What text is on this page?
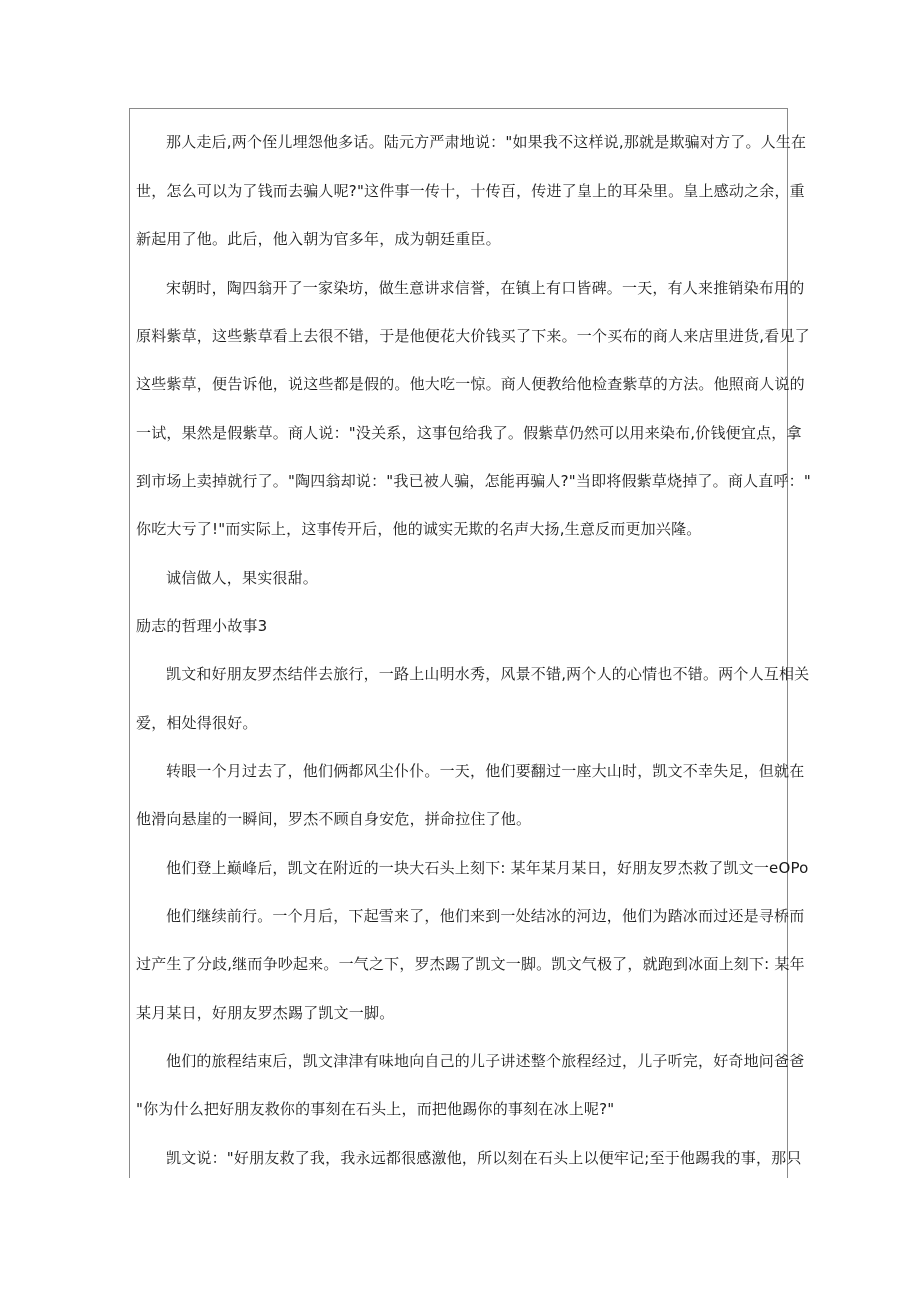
那人走后,两个侄儿埋怨他多话。陆元方严肃地说："如果我不这样说,那就是欺骗对方了。人生在
世，怎么可以为了钱而去骗人呢?"这件事一传十，十传百，传进了皇上的耳朵里。皇上感动之余，重
新起用了他。此后，他入朝为官多年，成为朝廷重臣。
宋朝时，陶四翁开了一家染坊，做生意讲求信誉，在镇上有口皆碑。一天，有人来推销染布用的
原料紫草，这些紫草看上去很不错，于是他便花大价钱买了下来。一个买布的商人来店里进货,看见了
这些紫草，便告诉他，说这些都是假的。他大吃一惊。商人便教给他检查紫草的方法。他照商人说的
一试，果然是假紫草。商人说："没关系，这事包给我了。假紫草仍然可以用来染布,价钱便宜点，拿
到市场上卖掉就行了。"陶四翁却说："我已被人骗，怎能再骗人?"当即将假紫草烧掉了。商人直呼："
你吃大亏了!"而实际上，这事传开后，他的诚实无欺的名声大扬,生意反而更加兴隆。
诚信做人，果实很甜。
励志的哲理小故事3
凯文和好朋友罗杰结伴去旅行，一路上山明水秀，风景不错,两个人的心情也不错。两个人互相关
爱，相处得很好。
转眼一个月过去了，他们俩都风尘仆仆。一天，他们要翻过一座大山时，凯文不幸失足，但就在
他滑向悬崖的一瞬间，罗杰不顾自身安危，拼命拉住了他。
他们登上巅峰后，凯文在附近的一块大石头上刻下: 某年某月某日，好朋友罗杰救了凯文一eOPo
他们继续前行。一个月后，下起雪来了，他们来到一处结冰的河边，他们为踏冰而过还是寻桥而
过产生了分歧,继而争吵起来。一气之下，罗杰踢了凯文一脚。凯文气极了，就跑到冰面上刻下: 某年
某月某日，好朋友罗杰踢了凯文一脚。
他们的旅程结束后，凯文津津有味地向自己的儿子讲述整个旅程经过，儿子听完，好奇地问爸爸
"你为什么把好朋友救你的事刻在石头上，而把他踢你的事刻在冰上呢?"
凯文说："好朋友救了我，我永远都很感激他，所以刻在石头上以便牢记;至于他踢我的事，那只
